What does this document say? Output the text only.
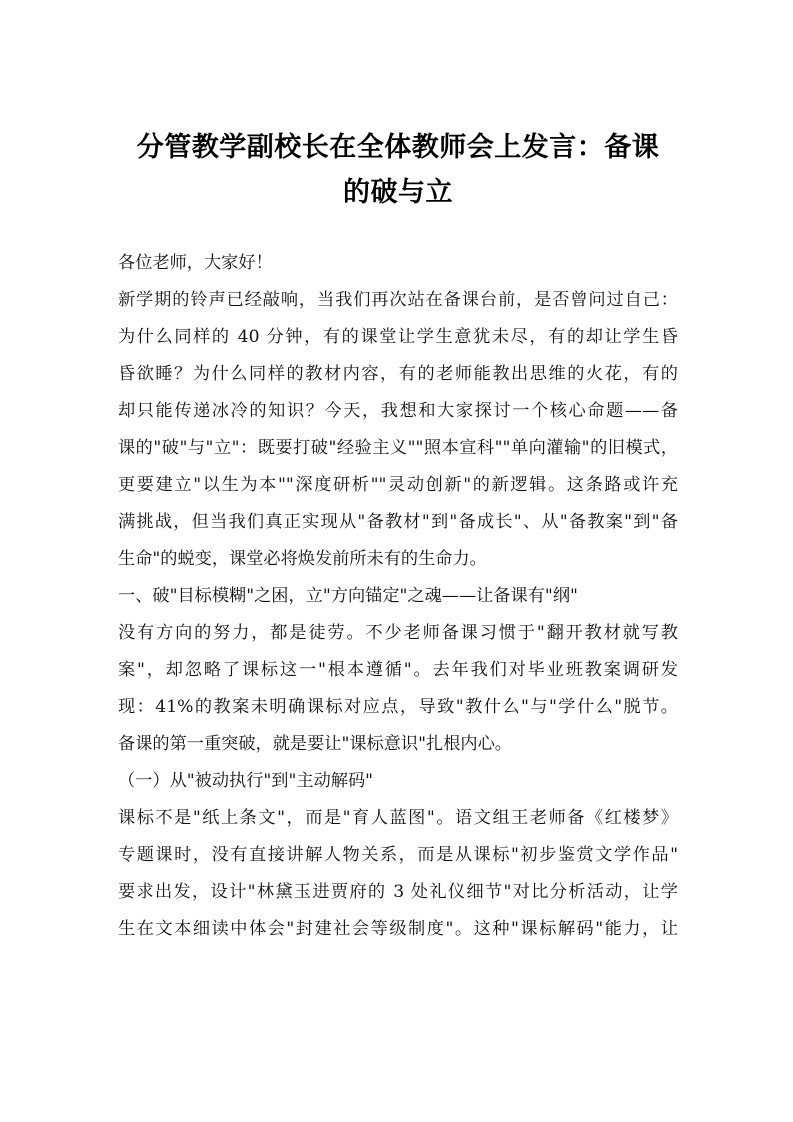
分管教学副校长在全体教师会上发言：备课
的破与立
各位老师，大家好！
新学期的铃声已经敲响，当我们再次站在备课台前，是否曾问过自己：
为什么同样的 40 分钟，有的课堂让学生意犹未尽，有的却让学生昏
昏欲睡？为什么同样的教材内容，有的老师能教出思维的火花，有的
却只能传递冰冷的知识？今天，我想和大家探讨一个核心命题——备
课的"破"与"立"：既要打破"经验主义""照本宣科""单向灌输"的旧模式，
更要建立"以生为本""深度研析""灵动创新"的新逻辑。这条路或许充
满挑战，但当我们真正实现从"备教材"到"备成长"、从"备教案"到"备
生命"的蜕变，课堂必将焕发前所未有的生命力。
一、破"目标模糊"之困，立"方向锚定"之魂——让备课有"纲"
没有方向的努力，都是徒劳。不少老师备课习惯于"翻开教材就写教
案"，却忽略了课标这一"根本遵循"。去年我们对毕业班教案调研发
现：41%的教案未明确课标对应点，导致"教什么"与"学什么"脱节。
备课的第一重突破，就是要让"课标意识"扎根内心。
（一）从"被动执行"到"主动解码"
课标不是"纸上条文"，而是"育人蓝图"。语文组王老师备《红楼梦》
专题课时，没有直接讲解人物关系，而是从课标"初步鉴赏文学作品"
要求出发，设计"林黛玉进贾府的 3 处礼仪细节"对比分析活动，让学
生在文本细读中体会"封建社会等级制度"。这种"课标解码"能力，让
